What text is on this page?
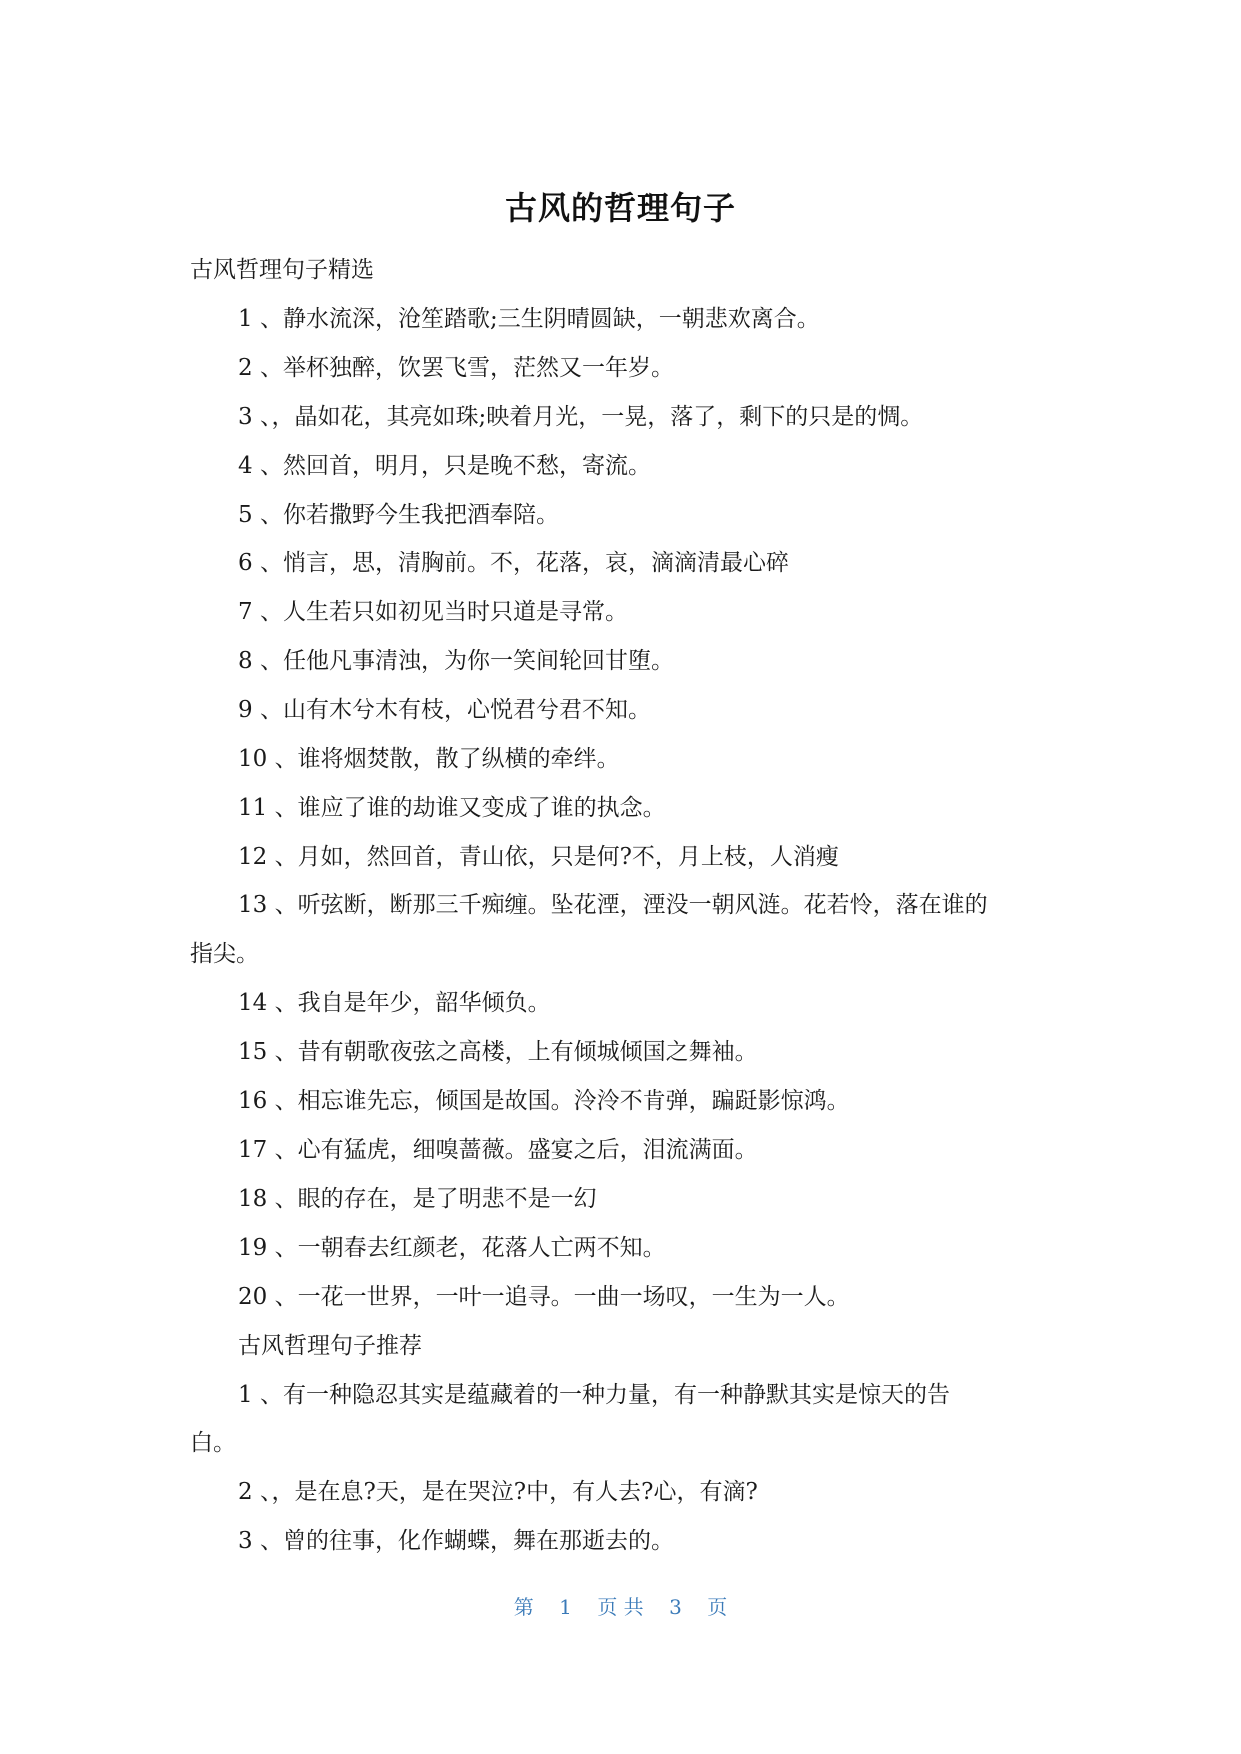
古风的哲理句子
古风哲理句子精选
1 、静水流深，沧笙踏歌;三生阴晴圆缺，一朝悲欢离合。
2 、举杯独醉，饮罢飞雪，茫然又一年岁。
3 、，晶如花，其亮如珠;映着月光，一晃，落了，剩下的只是的惆。
4 、然回首，明月，只是晚不愁，寄流。
5 、你若撒野今生我把酒奉陪。
6 、悄言，思，清胸前。不，花落，哀，滴滴清最心碎
7 、人生若只如初见当时只道是寻常。
8 、任他凡事清浊，为你一笑间轮回甘堕。
9 、山有木兮木有枝，心悦君兮君不知。
10 、谁将烟焚散，散了纵横的牵绊。
11 、谁应了谁的劫谁又变成了谁的执念。
12 、月如，然回首，青山依，只是何?不，月上枝，人消瘦
13 、听弦断，断那三千痴缠。坠花湮，湮没一朝风涟。花若怜，落在谁的
指尖。
14 、我自是年少，韶华倾负。
15 、昔有朝歌夜弦之高楼，上有倾城倾国之舞袖。
16 、相忘谁先忘，倾国是故国。泠泠不肯弹，蹁跹影惊鸿。
17 、心有猛虎，细嗅蔷薇。盛宴之后，泪流满面。
18 、眼的存在，是了明悲不是一幻
19 、一朝春去红颜老，花落人亡两不知。
20 、一花一世界，一叶一追寻。一曲一场叹，一生为一人。
古风哲理句子推荐
1 、有一种隐忍其实是蕴藏着的一种力量，有一种静默其实是惊天的告
白。
2 、，是在息?天，是在哭泣?中，有人去?心，有滴?
3 、曾的往事，化作蝴蝶，舞在那逝去的。
第 1 页 共 3 页
